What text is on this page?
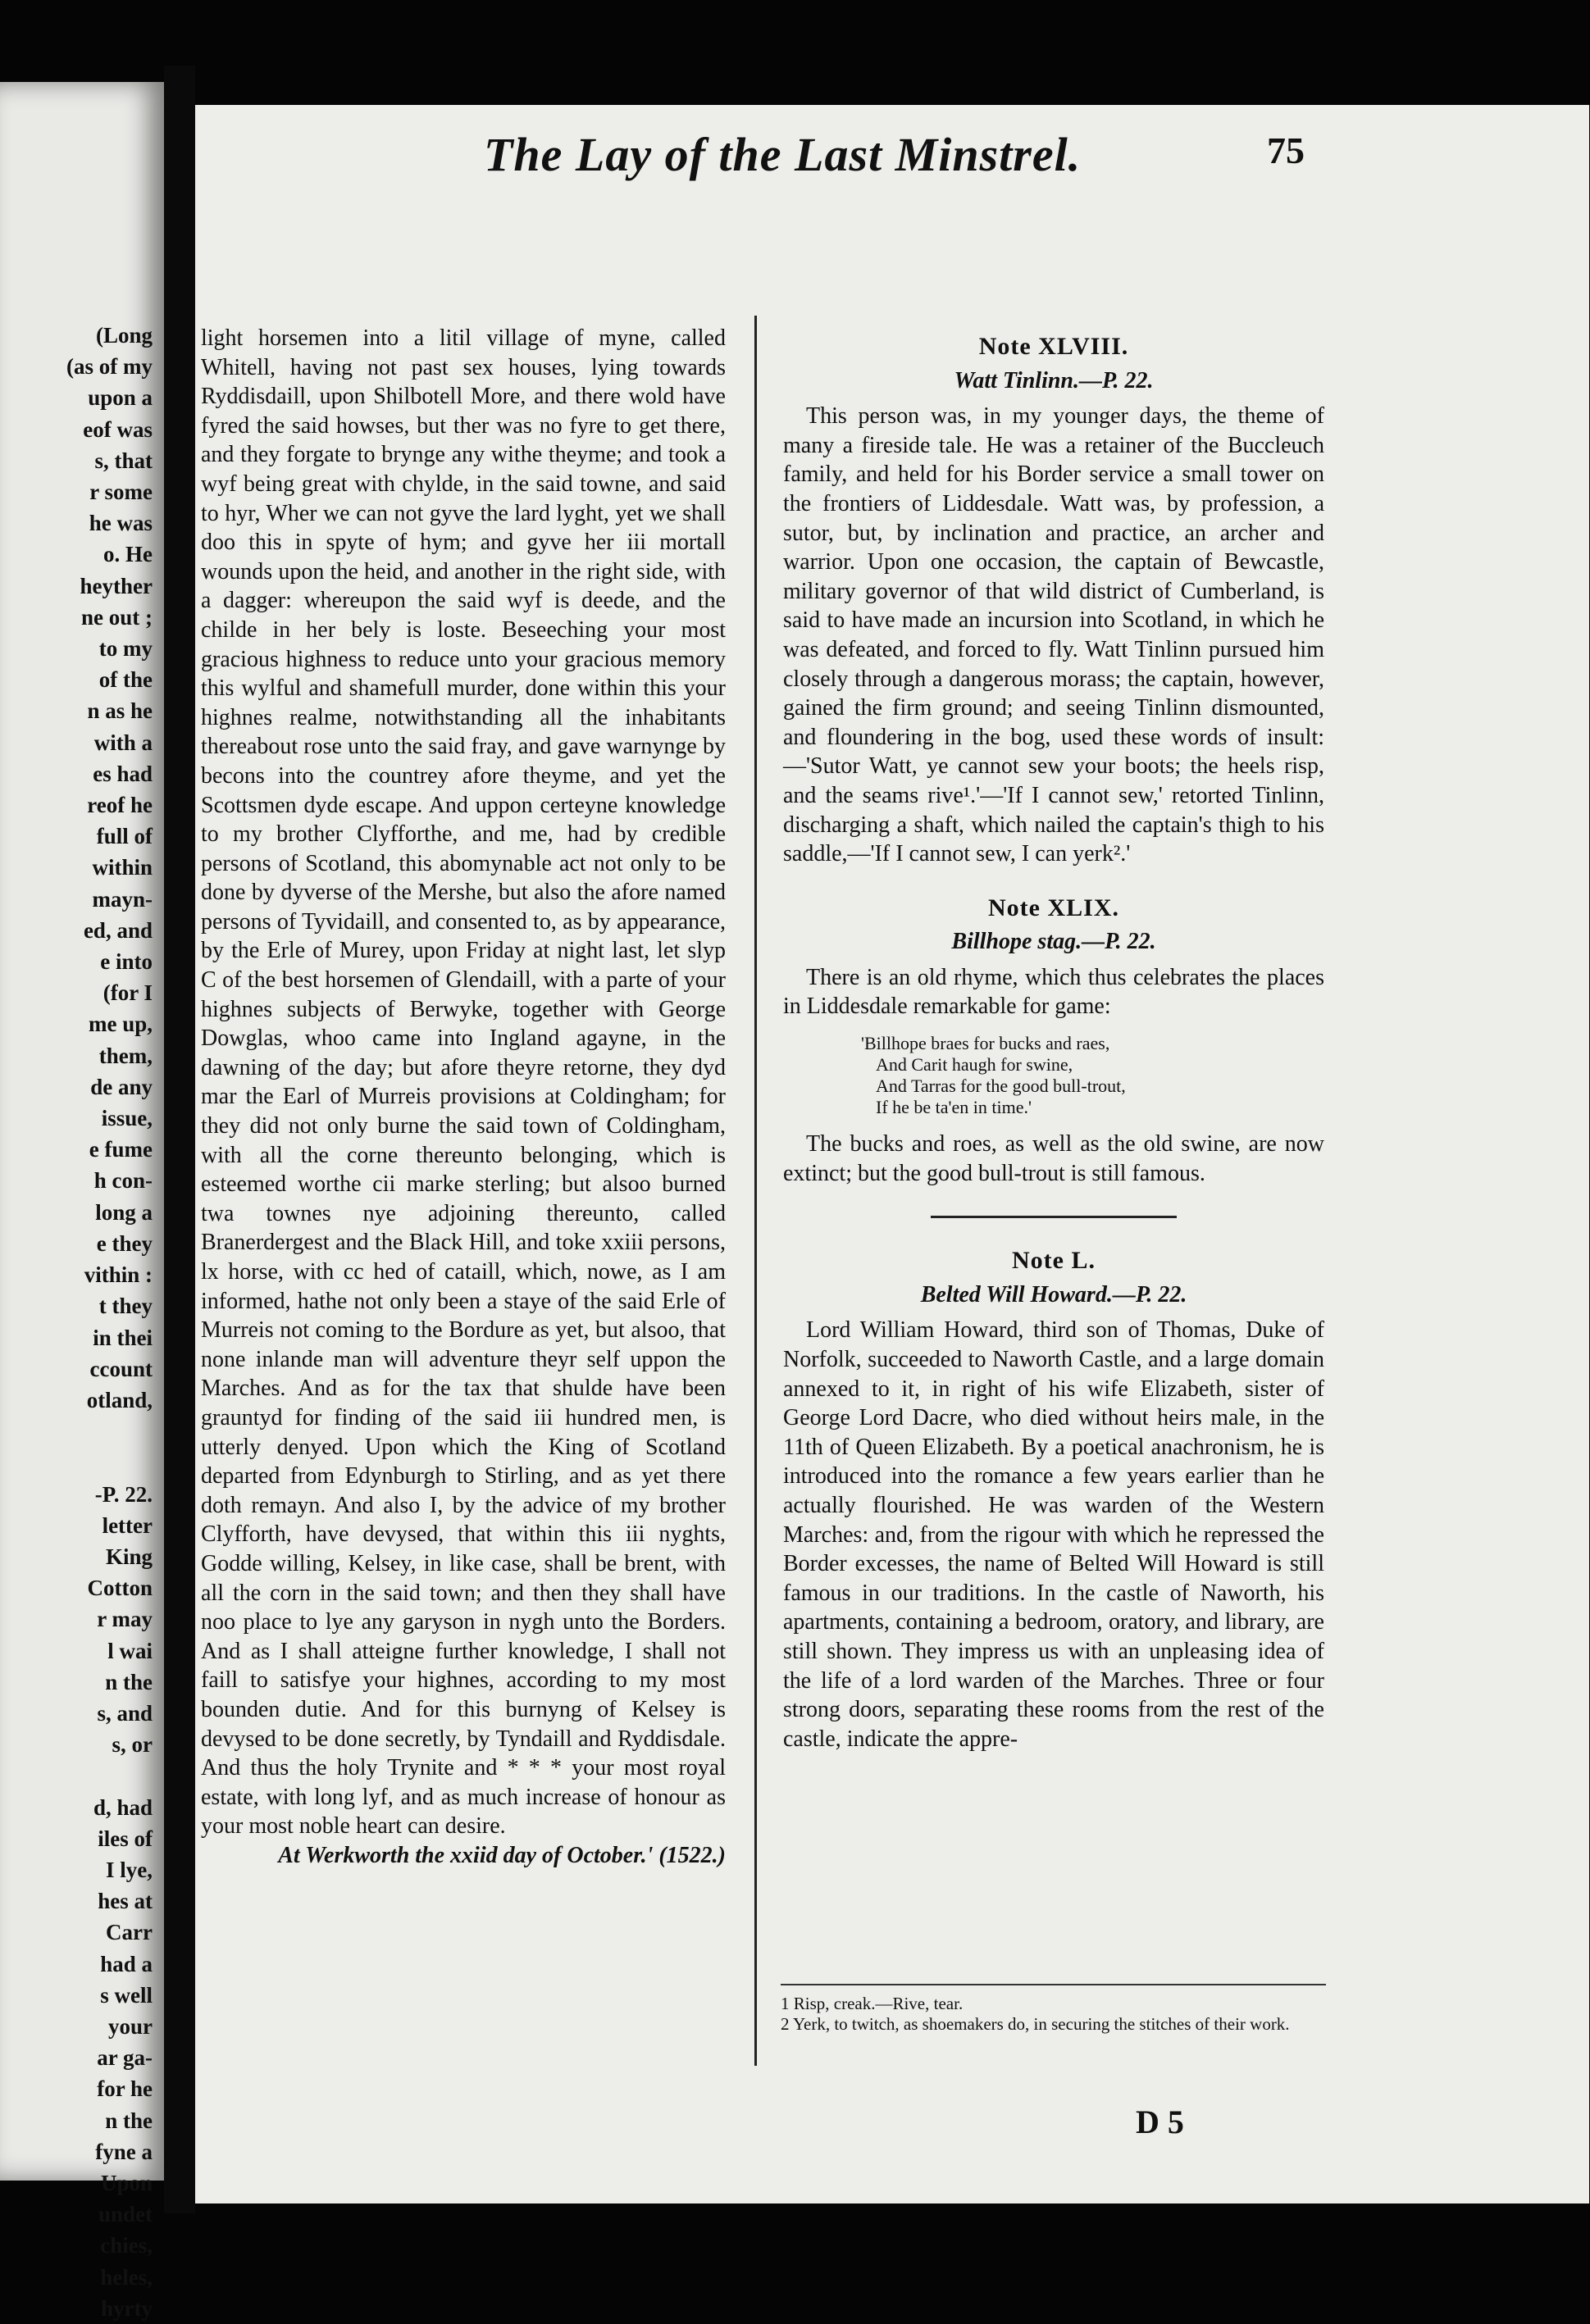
(Long
(as of my
upon a
eof was
s, that
r some
he was
o. He
heyther
ne out ;
to my
of the
n as he
with a
es had
reof he
full of
within
mayn-
ed, and
e into
(for I
me up,
them,
de any
issue,
e fume
h con-
long a
e they
vithin :
t they
in thei
ccount
otland,

-P. 22.
letter
King
Cotton
r may
l wai
n the
s, and
s, or

d, had
iles of
I lye,
hes at
Carr
had a
s well
your
ar ga-
for he
n the
fyne a
Upon
undet
chies,
heles,
hyrty
The Lay of the Last Minstrel.	75

light horsemen into a litil village of myne, called Whitell, having not past sex houses, lying towards Ryddisdaill, upon Shilbotell More, and there wold have fyred the said howses, but ther was no fyre to get there, and they forgate to brynge any withe theyme; and took a wyf being great with chylde, in the said towne, and said to hyr, Wher we can not gyve the lard lyght, yet we shall doo this in spyte of hym; and gyve her iii mortall wounds upon the heid, and another in the right side, with a dagger: whereupon the said wyf is deede, and the childe in her bely is loste. Beseeching your most gracious highness to reduce unto your gracious memory this wylful and shamefull murder, done within this your highnes realme, notwithstanding all the inhabitants thereabout rose unto the said fray, and gave warnynge by becons into the countrey afore theyme, and yet the Scottsmen dyde escape. And uppon certeyne knowledge to my brother Clyfforthe, and me, had by credible persons of Scotland, this abomynable act not only to be done by dyverse of the Mershe, but also the afore named persons of Tyvidaill, and consented to, as by appearance, by the Erle of Murey, upon Friday at night last, let slyp C of the best horsemen of Glendaill, with a parte of your highnes subjects of Berwyke, together with George Dowglas, whoo came into Ingland agayne, in the dawning of the day; but afore theyre retorne, they dyd mar the Earl of Murreis provisions at Coldingham; for they did not only burne the said town of Coldingham, with all the corne thereunto belonging, which is esteemed worthe cii marke sterling; but alsoo burned twa townes nye adjoining thereunto, called Branerdergest and the Black Hill, and toke xxiii persons, lx horse, with cc hed of cataill, which, nowe, as I am informed, hathe not only been a staye of the said Erle of Murreis not coming to the Bordure as yet, but alsoo, that none inlande man will adventure theyr self uppon the Marches. And as for the tax that shulde have been grauntyd for finding of the said iii hundred men, is utterly denyed. Upon which the King of Scotland departed from Edynburgh to Stirling, and as yet there doth remayn. And also I, by the advice of my brother Clyfforth, have devysed, that within this iii nyghts, Godde willing, Kelsey, in like case, shall be brent, with all the corn in the said town; and then they shall have noo place to lye any garyson in nygh unto the Borders. And as I shall atteigne further knowledge, I shall not faill to satisfye your highnes, according to my most bounden dutie. And for this burnyng of Kelsey is devysed to be done secretly, by Tyndaill and Ryddisdale. And thus the holy Trynite and * * * your most royal estate, with long lyf, and as much increase of honour as your most noble heart can desire.

At Werkworth the xxiid day of October.' (1522.)

Note XLVIII.
Watt Tinlinn.—P. 22.

This person was, in my younger days, the theme of many a fireside tale. He was a retainer of the Buccleuch family, and held for his Border service a small tower on the frontiers of Liddesdale. Watt was, by profession, a sutor, but, by inclination and practice, an archer and warrior. Upon one occasion, the captain of Bewcastle, military governor of that wild district of Cumberland, is said to have made an incursion into Scotland, in which he was defeated, and forced to fly. Watt Tinlinn pursued him closely through a dangerous morass; the captain, however, gained the firm ground; and seeing Tinlinn dismounted, and floundering in the bog, used these words of insult:—'Sutor Watt, ye cannot sew your boots; the heels risp, and the seams rive¹.'—'If I cannot sew,' retorted Tinlinn, discharging a shaft, which nailed the captain's thigh to his saddle,—'If I cannot sew, I can yerk².'

Note XLIX.
Billhope stag.—P. 22.

There is an old rhyme, which thus celebrates the places in Liddesdale remarkable for game:

'Billhope braes for bucks and raes,
And Carit haugh for swine,
And Tarras for the good bull-trout,
If he be ta'en in time.'

The bucks and roes, as well as the old swine, are now extinct; but the good bull-trout is still famous.

Note L.
Belted Will Howard.—P. 22.

Lord William Howard, third son of Thomas, Duke of Norfolk, succeeded to Naworth Castle, and a large domain annexed to it, in right of his wife Elizabeth, sister of George Lord Dacre, who died without heirs male, in the 11th of Queen Elizabeth. By a poetical anachronism, he is introduced into the romance a few years earlier than he actually flourished. He was warden of the Western Marches: and, from the rigour with which he repressed the Border excesses, the name of Belted Will Howard is still famous in our traditions. In the castle of Naworth, his apartments, containing a bedroom, oratory, and library, are still shown. They impress us with an unpleasing idea of the life of a lord warden of the Marches. Three or four strong doors, separating these rooms from the rest of the castle, indicate the appre-

1 Risp, creak.—Rive, tear.
2 Yerk, to twitch, as shoemakers do, in securing the stitches of their work.
D 5
